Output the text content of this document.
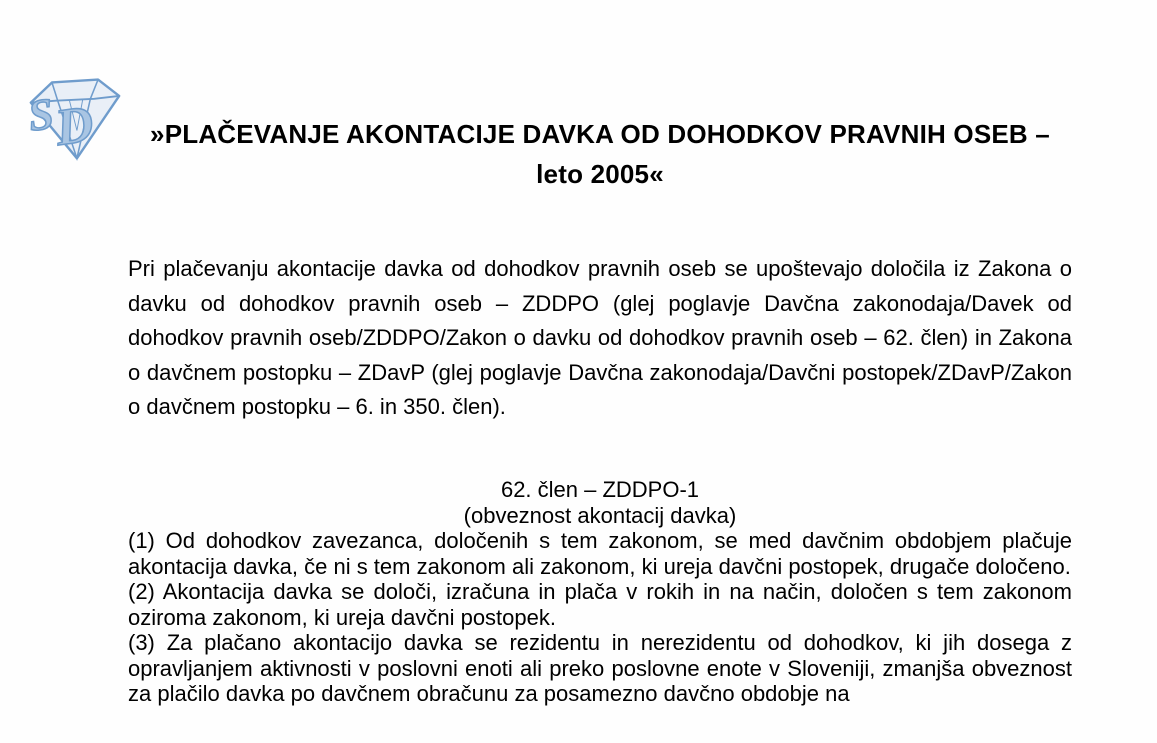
S
D	»PLAČEVANJE AKONTACIJE DAVKA OD DOHODKOV PRAVNIH OSEB –
leto 2005«
Pri plačevanju akontacije davka od dohodkov pravnih oseb se upoštevajo določila iz Zakona o davku od dohodkov pravnih oseb – ZDDPO (glej poglavje Davčna zakonodaja/Davek od dohodkov pravnih oseb/ZDDPO/Zakon o davku od dohodkov pravnih oseb – 62. člen) in Zakona o davčnem postopku – ZDavP (glej poglavje Davčna zakonodaja/Davčni postopek/ZDavP/Zakon o davčnem postopku – 6. in 350. člen).
62. člen – ZDDPO-1
(obveznost akontacij davka)

(1) Od dohodkov zavezanca, določenih s tem zakonom, se med davčnim obdobjem plačuje akontacija davka, če ni s tem zakonom ali zakonom, ki ureja davčni postopek, drugače določeno.

(2) Akontacija davka se določi, izračuna in plača v rokih in na način, določen s tem zakonom oziroma zakonom, ki ureja davčni postopek.

(3) Za plačano akontacijo davka se rezidentu in nerezidentu od dohodkov, ki jih dosega z opravljanjem aktivnosti v poslovni enoti ali preko poslovne enote v Sloveniji, zmanjša obveznost za plačilo davka po davčnem obračunu za posamezno davčno obdobje na
